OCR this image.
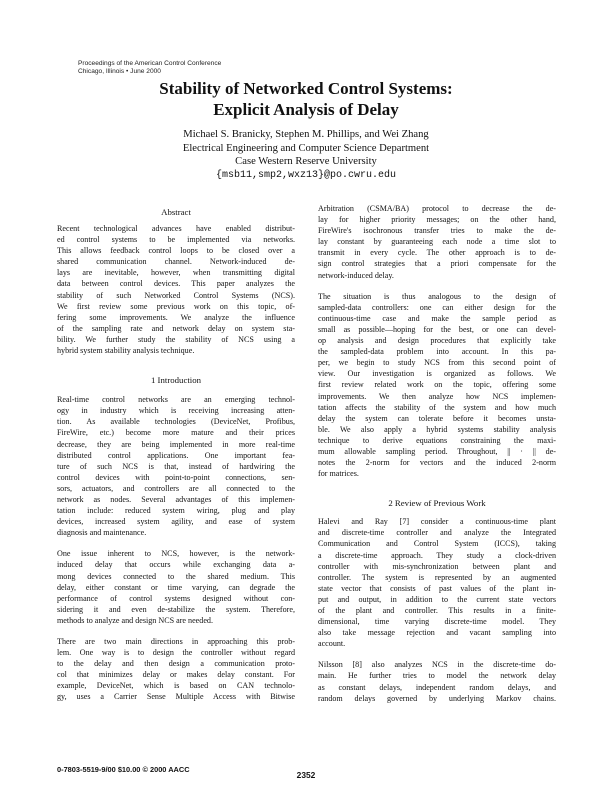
Proceedings of the American Control Conference
Chicago, Illinois • June 2000
Stability of Networked Control Systems:
Explicit Analysis of Delay
Michael S. Branicky, Stephen M. Phillips, and Wei Zhang
Electrical Engineering and Computer Science Department
Case Western Reserve University
{msb11,smp2,wxz13}@po.cwru.edu
Abstract
Recent technological advances have enabled distribut-
ed control systems to be implemented via networks.
This allows feedback control loops to be closed over a
shared communication channel. Network-induced de-
lays are inevitable, however, when transmitting digital
data between control devices. This paper analyzes the
stability of such Networked Control Systems (NCS).
We first review some previous work on this topic, of-
fering some improvements. We analyze the influence
of the sampling rate and network delay on system sta-
bility. We further study the stability of NCS using a
hybrid system stability analysis technique.
1 Introduction
Real-time control networks are an emerging technol-
ogy in industry which is receiving increasing atten-
tion. As available technologies (DeviceNet, Profibus,
FireWire, etc.) become more mature and their prices
decrease, they are being implemented in more real-time
distributed control applications. One important fea-
ture of such NCS is that, instead of hardwiring the
control devices with point-to-point connections, sen-
sors, actuators, and controllers are all connected to the
network as nodes. Several advantages of this implemen-
tation include: reduced system wiring, plug and play
devices, increased system agility, and ease of system
diagnosis and maintenance.
One issue inherent to NCS, however, is the network-
induced delay that occurs while exchanging data a-
mong devices connected to the shared medium. This
delay, either constant or time varying, can degrade the
performance of control systems designed without con-
sidering it and even de-stabilize the system. Therefore,
methods to analyze and design NCS are needed.
There are two main directions in approaching this prob-
lem. One way is to design the controller without regard
to the delay and then design a communication proto-
col that minimizes delay or makes delay constant. For
example, DeviceNet, which is based on CAN technolo-
gy, uses a Carrier Sense Multiple Access with Bitwise
Arbitration (CSMA/BA) protocol to decrease the de-
lay for higher priority messages; on the other hand,
FireWire's isochronous transfer tries to make the de-
lay constant by guaranteeing each node a time slot to
transmit in every cycle. The other approach is to de-
sign control strategies that a priori compensate for the
network-induced delay.
The situation is thus analogous to the design of
sampled-data controllers: one can either design for the
continuous-time case and make the sample period as
small as possible—hoping for the best, or one can devel-
op analysis and design procedures that explicitly take
the sampled-data problem into account. In this pa-
per, we begin to study NCS from this second point of
view. Our investigation is organized as follows. We
first review related work on the topic, offering some
improvements. We then analyze how NCS implemen-
tation affects the stability of the system and how much
delay the system can tolerate before it becomes unsta-
ble. We also apply a hybrid systems stability analysis
technique to derive equations constraining the maxi-
mum allowable sampling period. Throughout, || · || de-
notes the 2-norm for vectors and the induced 2-norm
for matrices.
2 Review of Previous Work
Halevi and Ray [7] consider a continuous-time plant
and discrete-time controller and analyze the Integrated
Communication and Control System (ICCS), taking
a discrete-time approach. They study a clock-driven
controller with mis-synchronization between plant and
controller. The system is represented by an augmented
state vector that consists of past values of the plant in-
put and output, in addition to the current state vectors
of the plant and controller. This results in a finite-
dimensional, time varying discrete-time model. They
also take message rejection and vacant sampling into
account.
Nilsson [8] also analyzes NCS in the discrete-time do-
main. He further tries to model the network delay
as constant delays, independent random delays, and
random delays governed by underlying Markov chains.
0-7803-5519-9/00 $10.00 © 2000 AACC
2352
